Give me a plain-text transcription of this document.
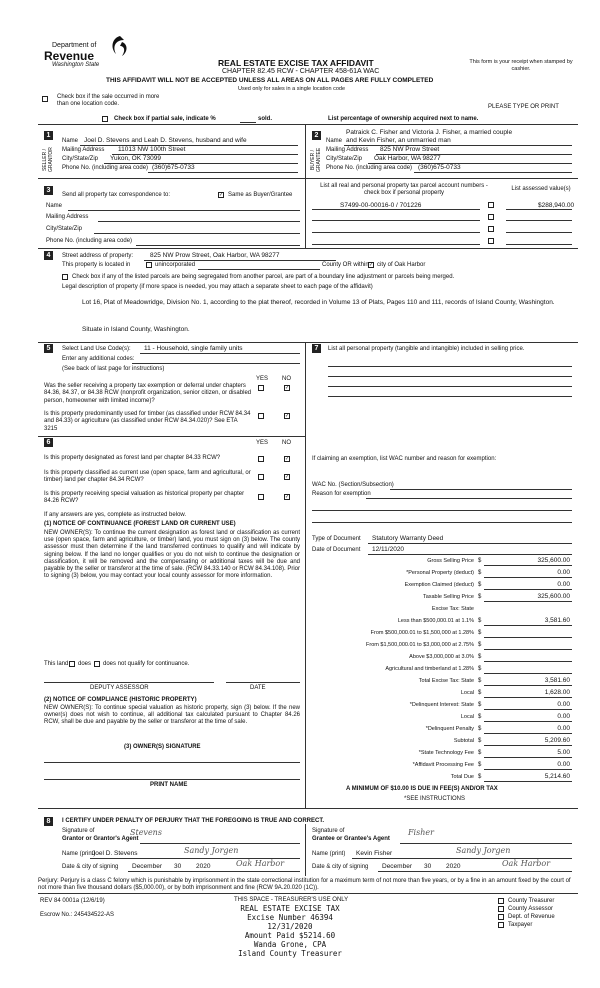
Department of
Revenue
Washington State	REAL ESTATE EXCISE TAX AFFIDAVIT
CHAPTER 82.45 RCW - CHAPTER 458-61A WAC
THIS AFFIDAVIT WILL NOT BE ACCEPTED UNLESS ALL AREAS ON ALL PAGES ARE FULLY COMPLETED
This form is your receipt when stamped by cashier.
Used only for sales in a single location code
Check box if the sale occurred in more than one location code.
PLEASE TYPE OR PRINT
Check box if partial sale, indicate %	sold.	List percentage of ownership acquired next to name.
1
SELLER / GRANTOR
Name Joel D. Stevens and Leah D. Stevens, husband and wife
Mailing Address 11013 NW 100th Street
City/State/Zip Yukon, OK 73099
Phone No. (including area code) (360)675-0733
2
BUYER / GRANTEE
Patraick C. Fisher and Victoria J. Fisher, a married couple
Name and Kevin Fisher, an unmarried man
Mailing Address 825 NW Prow Street
City/State/Zip Oak Harbor, WA 98277
Phone No. (including area code) (360)675-0733
3
Send all property tax correspondence to:	✓ Same as Buyer/Grantee
Name
Mailing Address
City/State/Zip
Phone No. (including area code)
List all real and personal property tax parcel account numbers - check box if personal property
List assessed value(s)
S7499-00-00016-0 / 701226	$288,940.00
4	Street address of property:	825 NW Prow Street, Oak Harbor, WA 98277
This property is located in	unincorporated	County OR within ✓ city of Oak Harbor
Check box if any of the listed parcels are being segregated from another parcel, are part of a boundary line adjustment or parcels being merged.
Legal description of property (if more space is needed, you may attach a separate sheet to each page of the affidavit)
Lot 16, Plat of Meadowridge, Division No. 1, according to the plat thereof, recorded in Volume 13 of Plats, Pages 110 and 111, records of Island County, Washington.
Situate in Island County, Washington.
5	Select Land Use Code(s): 11 - Household, single family units
Enter any additional codes:
(See back of last page for instructions)
YES NO
Was the seller receiving a property tax exemption or deferral under chapters 84.36, 84.37, or 84.38 RCW (nonprofit organization, senior citizen, or disabled person, homeowner with limited income)?
✓
Is this property predominantly used for timber (as classified under RCW 84.34 and 84.33) or agriculture (as classified under RCW 84.34.020)? See ETA 3215
✓
6	YES NO
Is this property designated as forest land per chapter 84.33 RCW?	✓
Is this property classified as current use (open space, farm and agricultural, or timber) land per chapter 84.34 RCW?
✓
Is this property receiving special valuation as historical property per chapter 84.26 RCW?
✓
If any answers are yes, complete as instructed below.
(1) NOTICE OF CONTINUANCE (FOREST LAND OR CURRENT USE)
NEW OWNER(S): To continue the current designation as forest land or classification as current use (open space, farm and agriculture, or timber) land, you must sign on (3) below. The county assessor must then determine if the land transferred continues to qualify and will indicate by signing below. If the land no longer qualifies or you do not wish to continue the designation or classification, it will be removed and the compensating or additional taxes will be due and payable by the seller or transferor at the time of sale. (RCW 84.33.140 or RCW 84.34.108). Prior to signing (3) below, you may contact your local county assessor for more information.
This land does does not qualify for continuance.
DEPUTY ASSESSOR	DATE
(2) NOTICE OF COMPLIANCE (HISTORIC PROPERTY)
NEW OWNER(S): To continue special valuation as historic property, sign (3) below. If the new owner(s) does not wish to continue, all additional tax calculated pursuant to Chapter 84.26 RCW, shall be due and payable by the seller or transferor at the time of sale.
(3) OWNER(S) SIGNATURE
PRINT NAME
7	List all personal property (tangible and intangible) included in selling price.
If claiming an exemption, list WAC number and reason for exemption:
WAC No. (Section/Subsection)
Reason for exemption
Type of Document Statutory Warranty Deed
Date of Document 12/11/2020
Gross Selling Price $	325,600.00
*Personal Property (deduct) $	0.00
Exemption Claimed (deduct) $	0.00
Taxable Selling Price $	325,600.00
Excise Tax: State
Less than $500,000.01 at 1.1% $	3,581.60
From $500,000.01 to $1,500,000 at 1.28% $
From $1,500,000.01 to $3,000,000 at 2.75% $
Above $3,000,000 at 3.0% $
Agricultural and timberland at 1.28% $
Total Excise Tax: State $	3,581.60
Local $	1,628.00
*Delinquent Interest: State $	0.00
Local $	0.00
*Delinquent Penalty $	0.00
Subtotal $	5,209.60
*State Technology Fee $	5.00
*Affidavit Processing Fee $	0.00
Total Due $	5,214.60
A MINIMUM OF $10.00 IS DUE IN FEE(S) AND/OR TAX
*SEE INSTRUCTIONS
8	I CERTIFY UNDER PENALTY OF PERJURY THAT THE FOREGOING IS TRUE AND CORRECT.
Signature of
Grantor or Grantor's Agent
Stevens
Name (print)
Joel D. Stevens	Sandy Jorgen
Date & city of signing December 30 2020	Oak Harbor
Signature of
Grantee or Grantee's Agent
Fisher
Name (print) Kevin Fisher	Sandy Jorgen
Date & city of signing December 30 2020	Oak Harbor
Perjury: Perjury is a class C felony which is punishable by imprisonment in the state correctional institution for a maximum term of not more than five years, or by a fine in an amount fixed by the court of not more than five thousand dollars ($5,000.00), or by both imprisonment and fine (RCW 9A.20.020 (1C)).
REV 84 0001a (12/6/19)
Escrow No.: 245434522-AS
THIS SPACE - TREASURER'S USE ONLY	County Treasurer
County Assessor
Dept. of Revenue
Taxpayer
REAL ESTATE EXCISE TAX
Excise Number 46394
12/31/2020
Amount Paid $5214.60
Wanda Grone, CPA
Island County Treasurer
